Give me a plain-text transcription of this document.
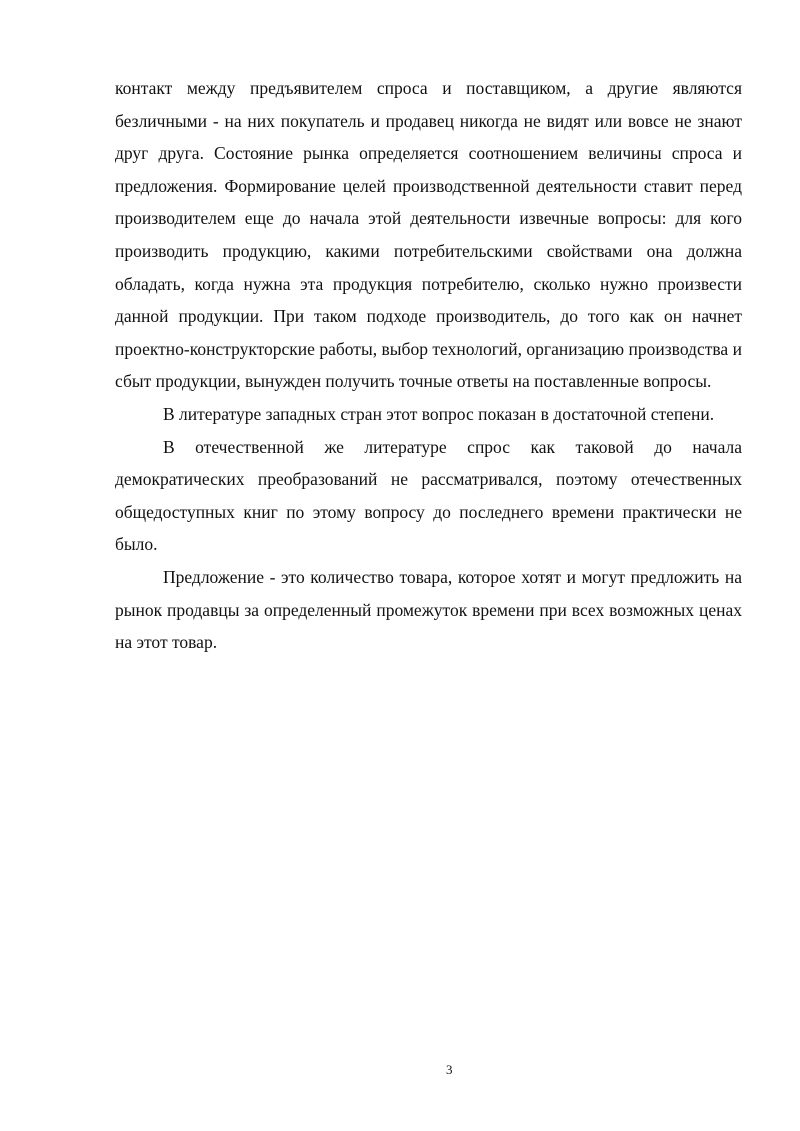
контакт между предъявителем спроса и поставщиком, а другие являются безличными - на них покупатель и продавец никогда не видят или вовсе не знают друг друга. Состояние рынка определяется соотношением величины спроса и предложения. Формирование целей производственной деятельности ставит перед производителем еще до начала этой деятельности извечные вопросы: для кого производить продукцию, какими потребительскими свойствами она должна обладать, когда нужна эта продукция потребителю, сколько нужно произвести данной продукции. При таком подходе производитель, до того как он начнет проектно-конструкторские работы, выбор технологий, организацию производства и сбыт продукции, вынужден получить точные ответы на поставленные вопросы.

В литературе западных стран этот вопрос показан в достаточной степени.

В отечественной же литературе спрос как таковой до начала демократических преобразований не рассматривался, поэтому отечественных общедоступных книг по этому вопросу до последнего времени практически не было.

Предложение - это количество товара, которое хотят и могут предложить на рынок продавцы за определенный промежуток времени при всех возможных ценах на этот товар.

3
